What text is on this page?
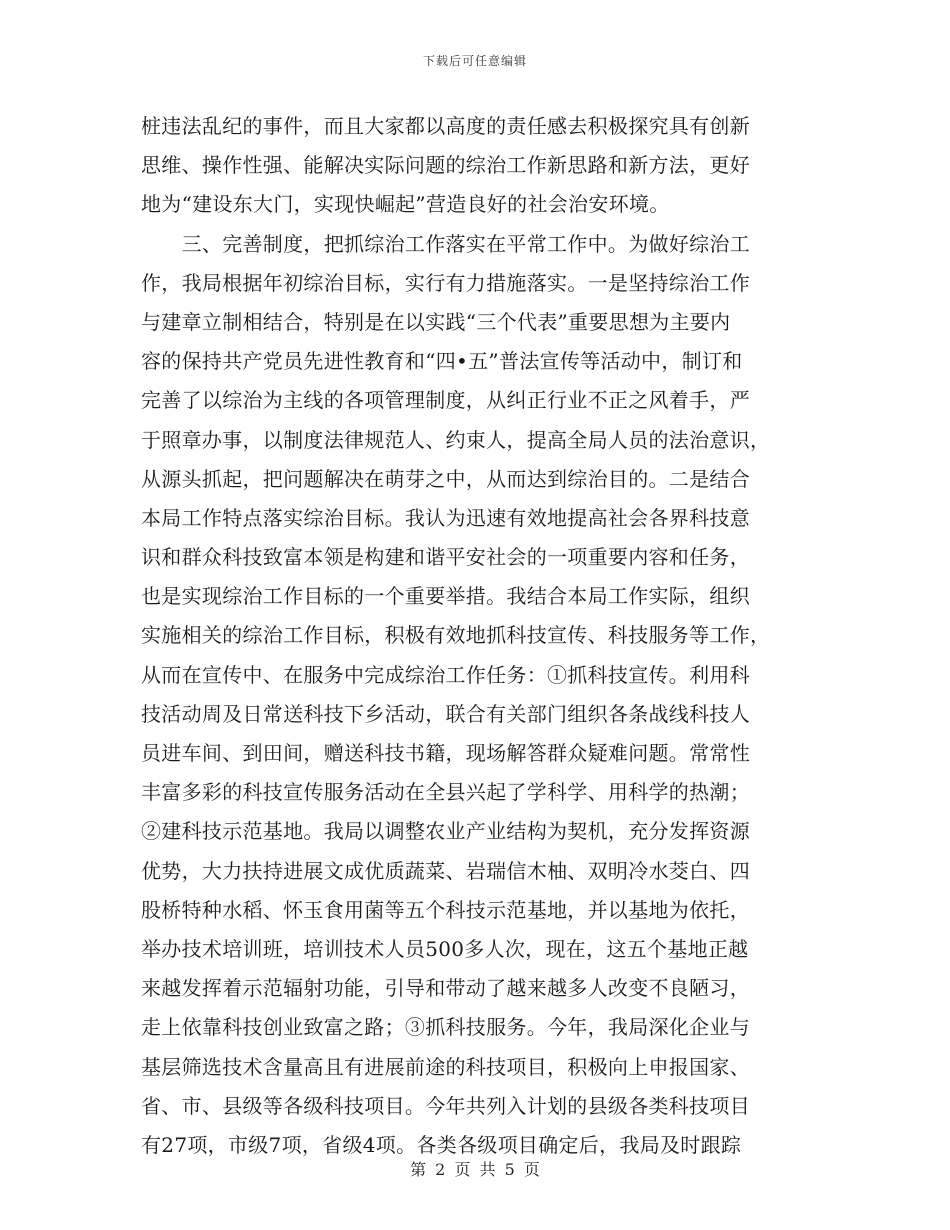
下载后可任意编辑
桩违法乱纪的事件，而且大家都以高度的责任感去积极探究具有创新
思维、操作性强、能解决实际问题的综治工作新思路和新方法，更好
地为“建设东大门，实现快崛起”营造良好的社会治安环境。
　　三、完善制度，把抓综治工作落实在平常工作中。为做好综治工
作，我局根据年初综治目标，实行有力措施落实。一是坚持综治工作
与建章立制相结合，特别是在以实践“三个代表”重要思想为主要内
容的保持共产党员先进性教育和“四•五”普法宣传等活动中，制订和
完善了以综治为主线的各项管理制度，从纠正行业不正之风着手，严
于照章办事，以制度法律规范人、约束人，提高全局人员的法治意识，
从源头抓起，把问题解决在萌芽之中，从而达到综治目的。二是结合
本局工作特点落实综治目标。我认为迅速有效地提高社会各界科技意
识和群众科技致富本领是构建和谐平安社会的一项重要内容和任务，
也是实现综治工作目标的一个重要举措。我结合本局工作实际，组织
实施相关的综治工作目标，积极有效地抓科技宣传、科技服务等工作，
从而在宣传中、在服务中完成综治工作任务：①抓科技宣传。利用科
技活动周及日常送科技下乡活动，联合有关部门组织各条战线科技人
员进车间、到田间，赠送科技书籍，现场解答群众疑难问题。常常性
丰富多彩的科技宣传服务活动在全县兴起了学科学、用科学的热潮；
②建科技示范基地。我局以调整农业产业结构为契机，充分发挥资源
优势，大力扶持进展文成优质蔬菜、岩瑞信木柚、双明冷水茭白、四
股桥特种水稻、怀玉食用菌等五个科技示范基地，并以基地为依托，
举办技术培训班，培训技术人员500多人次，现在，这五个基地正越
来越发挥着示范辐射功能，引导和带动了越来越多人改变不良陋习，
走上依靠科技创业致富之路；③抓科技服务。今年，我局深化企业与
基层筛选技术含量高且有进展前途的科技项目，积极向上申报国家、
省、市、县级等各级科技项目。今年共列入计划的县级各类科技项目
有27项，市级7项，省级4项。各类各级项目确定后，我局及时跟踪
第 2 页 共 5 页
